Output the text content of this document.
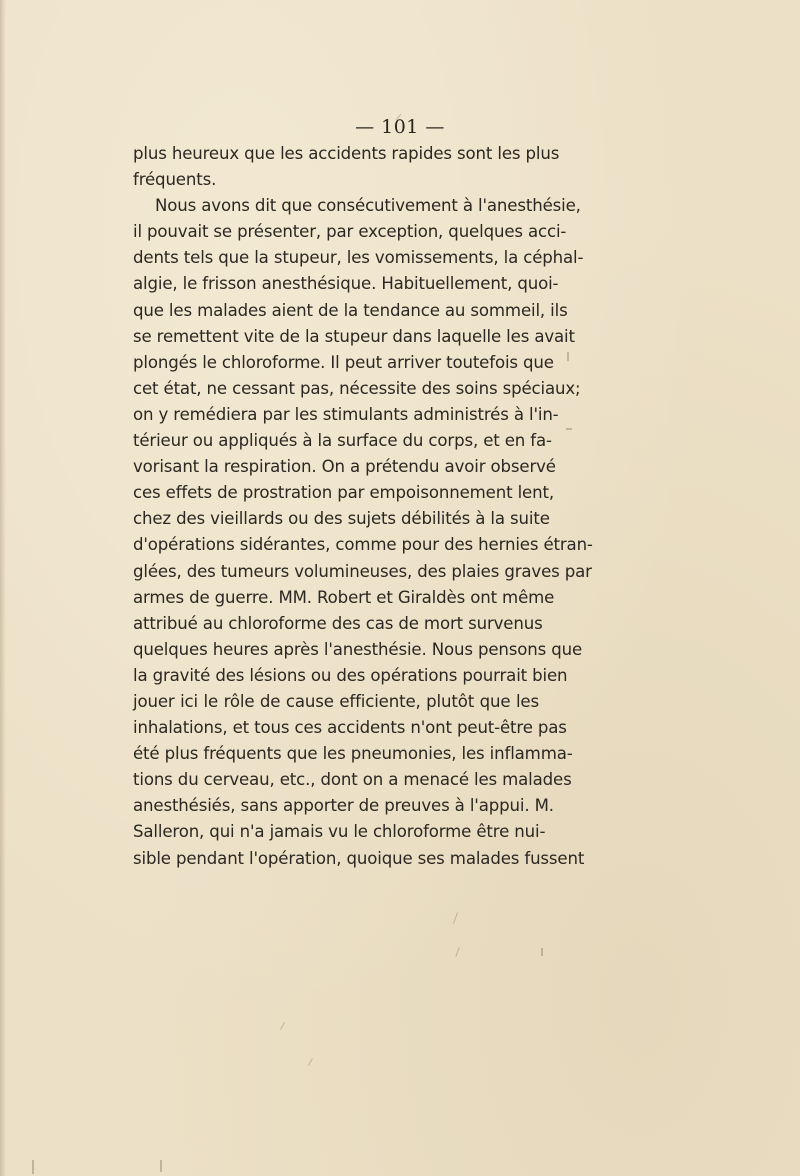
— 101 —
plus heureux que les accidents rapides sont les plus
fréquents.
Nous avons dit que consécutivement à l'anesthésie,
il pouvait se présenter, par exception, quelques acci-
dents tels que la stupeur, les vomissements, la céphal-
algie, le frisson anesthésique. Habituellement, quoi-
que les malades aient de la tendance au sommeil, ils
se remettent vite de la stupeur dans laquelle les avait
plongés le chloroforme. Il peut arriver toutefois que
cet état, ne cessant pas, nécessite des soins spéciaux;
on y remédiera par les stimulants administrés à l'in-
térieur ou appliqués à la surface du corps, et en fa-
vorisant la respiration. On a prétendu avoir observé
ces effets de prostration par empoisonnement lent,
chez des vieillards ou des sujets débilités à la suite
d'opérations sidérantes, comme pour des hernies étran-
glées, des tumeurs volumineuses, des plaies graves par
armes de guerre. MM. Robert et Giraldès ont même
attribué au chloroforme des cas de mort survenus
quelques heures après l'anesthésie. Nous pensons que
la gravité des lésions ou des opérations pourrait bien
jouer ici le rôle de cause efficiente, plutôt que les
inhalations, et tous ces accidents n'ont peut-être pas
été plus fréquents que les pneumonies, les inflamma-
tions du cerveau, etc., dont on a menacé les malades
anesthésiés, sans apporter de preuves à l'appui. M.
Salleron, qui n'a jamais vu le chloroforme être nui-
sible pendant l'opération, quoique ses malades fussent
